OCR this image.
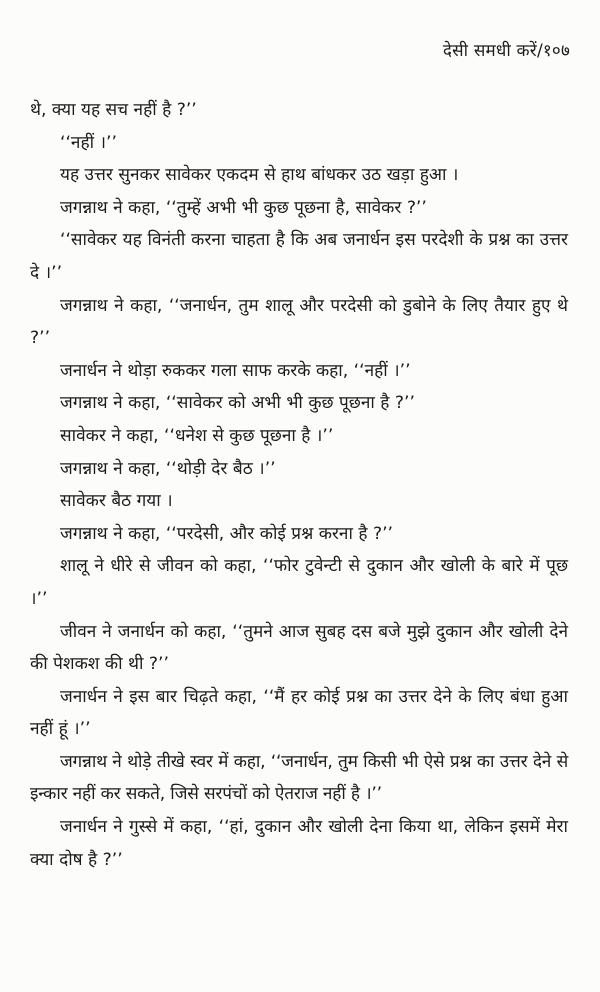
देसी समधी करें/१०७

थे, क्या यह सच नहीं है ?’’

‘‘नहीं ।’’

यह उत्तर सुनकर सावेकर एकदम से हाथ बांधकर उठ खड़ा हुआ ।

जगन्नाथ ने कहा, ‘‘तुम्हें अभी भी कुछ पूछना है, सावेकर ?’’

‘‘सावेकर यह विनंती करना चाहता है कि अब जनार्धन इस परदेशी के प्रश्न का उत्तर दे ।’’

जगन्नाथ ने कहा, ‘‘जनार्धन, तुम शालू और परदेसी को डुबोने के लिए तैयार हुए थे ?’’

जनार्धन ने थोड़ा रुककर गला साफ करके कहा, ‘‘नहीं ।’’

जगन्नाथ ने कहा, ‘‘सावेकर को अभी भी कुछ पूछना है ?’’

सावेकर ने कहा, ‘‘धनेश से कुछ पूछना है ।’’

जगन्नाथ ने कहा, ‘‘थोड़ी देर बैठ ।’’

सावेकर बैठ गया ।

जगन्नाथ ने कहा, ‘‘परदेसी, और कोई प्रश्न करना है ?’’

शालू ने धीरे से जीवन को कहा, ‘‘फोर टुवेन्टी से दुकान और खोली के बारे में पूछ ।’’

जीवन ने जनार्धन को कहा, ‘‘तुमने आज सुबह दस बजे मुझे दुकान और खोली देने की पेशकश की थी ?’’

जनार्धन ने इस बार चिढ़ते कहा, ‘‘मैं हर कोई प्रश्न का उत्तर देने के लिए बंधा हुआ नहीं हूं ।’’

जगन्नाथ ने थोड़े तीखे स्वर में कहा, ‘‘जनार्धन, तुम किसी भी ऐसे प्रश्न का उत्तर देने से इन्कार नहीं कर सकते, जिसे सरपंचों को ऐतराज नहीं है ।’’

जनार्धन ने गुस्से में कहा, ‘‘हां, दुकान और खोली देना किया था, लेकिन इसमें मेरा क्या दोष है ?’’
